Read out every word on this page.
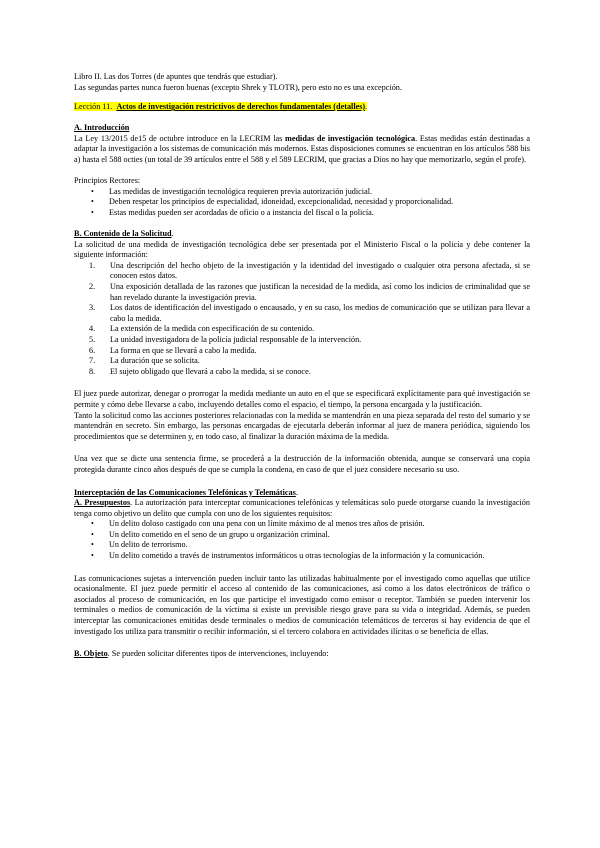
Libro II. Las dos Torres (de apuntes que tendrás que estudiar).

Las segundas partes nunca fueron buenas (excepto Shrek y TLOTR), pero esto no es una excepción.

Lección 11. Actos de investigación restrictivos de derechos fundamentales (detalles).

A. Introducción

La Ley 13/2015 de15 de octubre introduce en la LECRIM las medidas de investigación tecnológica. Estas medidas están destinadas a adaptar la investigación a los sistemas de comunicación más modernos. Estas disposiciones comunes se encuentran en los artículos 588 bis a) hasta el 588 octies (un total de 39 artículos entre el 588 y el 589 LECRIM, que gracias a Dios no hay que memorizarlo, según el profe).

Principios Rectores:

• Las medidas de investigación tecnológica requieren previa autorización judicial.
• Deben respetar los principios de especialidad, idoneidad, excepcionalidad, necesidad y proporcionalidad.
• Estas medidas pueden ser acordadas de oficio o a instancia del fiscal o la policía.

B. Contenido de la Solicitud.

La solicitud de una medida de investigación tecnológica debe ser presentada por el Ministerio Fiscal o la policía y debe contener la siguiente información:

1. Una descripción del hecho objeto de la investigación y la identidad del investigado o cualquier otra persona afectada, si se conocen estos datos.
2. Una exposición detallada de las razones que justifican la necesidad de la medida, así como los indicios de criminalidad que se han revelado durante la investigación previa.
3. Los datos de identificación del investigado o encausado, y en su caso, los medios de comunicación que se utilizan para llevar a cabo la medida.
4. La extensión de la medida con especificación de su contenido.
5. La unidad investigadora de la policía judicial responsable de la intervención.
6. La forma en que se llevará a cabo la medida.
7. La duración que se solicita.
8. El sujeto obligado que llevará a cabo la medida, si se conoce.

El juez puede autorizar, denegar o prorrogar la medida mediante un auto en el que se especificará explícitamente para qué investigación se permite y cómo debe llevarse a cabo, incluyendo detalles como el espacio, el tiempo, la persona encargada y la justificación.

Tanto la solicitud como las acciones posteriores relacionadas con la medida se mantendrán en una pieza separada del resto del sumario y se mantendrán en secreto. Sin embargo, las personas encargadas de ejecutarla deberán informar al juez de manera periódica, siguiendo los procedimientos que se determinen y, en todo caso, al finalizar la duración máxima de la medida.

Una vez que se dicte una sentencia firme, se procederá a la destrucción de la información obtenida, aunque se conservará una copia protegida durante cinco años después de que se cumpla la condena, en caso de que el juez considere necesario su uso.

Interceptación de las Comunicaciones Telefónicas y Telemáticas.

A. Presupuestos. La autorización para interceptar comunicaciones telefónicas y telemáticas solo puede otorgarse cuando la investigación tenga como objetivo un delito que cumpla con uno de los siguientes requisitos:

• Un delito doloso castigado con una pena con un límite máximo de al menos tres años de prisión.
• Un delito cometido en el seno de un grupo u organización criminal.
• Un delito de terrorismo.
• Un delito cometido a través de instrumentos informáticos u otras tecnologías de la información y la comunicación.

Las comunicaciones sujetas a intervención pueden incluir tanto las utilizadas habitualmente por el investigado como aquellas que utilice ocasionalmente. El juez puede permitir el acceso al contenido de las comunicaciones, así como a los datos electrónicos de tráfico o asociados al proceso de comunicación, en los que participe el investigado como emisor o receptor. También se pueden intervenir los terminales o medios de comunicación de la víctima si existe un previsible riesgo grave para su vida o integridad. Además, se pueden interceptar las comunicaciones emitidas desde terminales o medios de comunicación telemáticos de terceros si hay evidencia de que el investigado los utiliza para transmitir o recibir información, si el tercero colabora en actividades ilícitas o se beneficia de ellas.

B. Objeto. Se pueden solicitar diferentes tipos de intervenciones, incluyendo:
